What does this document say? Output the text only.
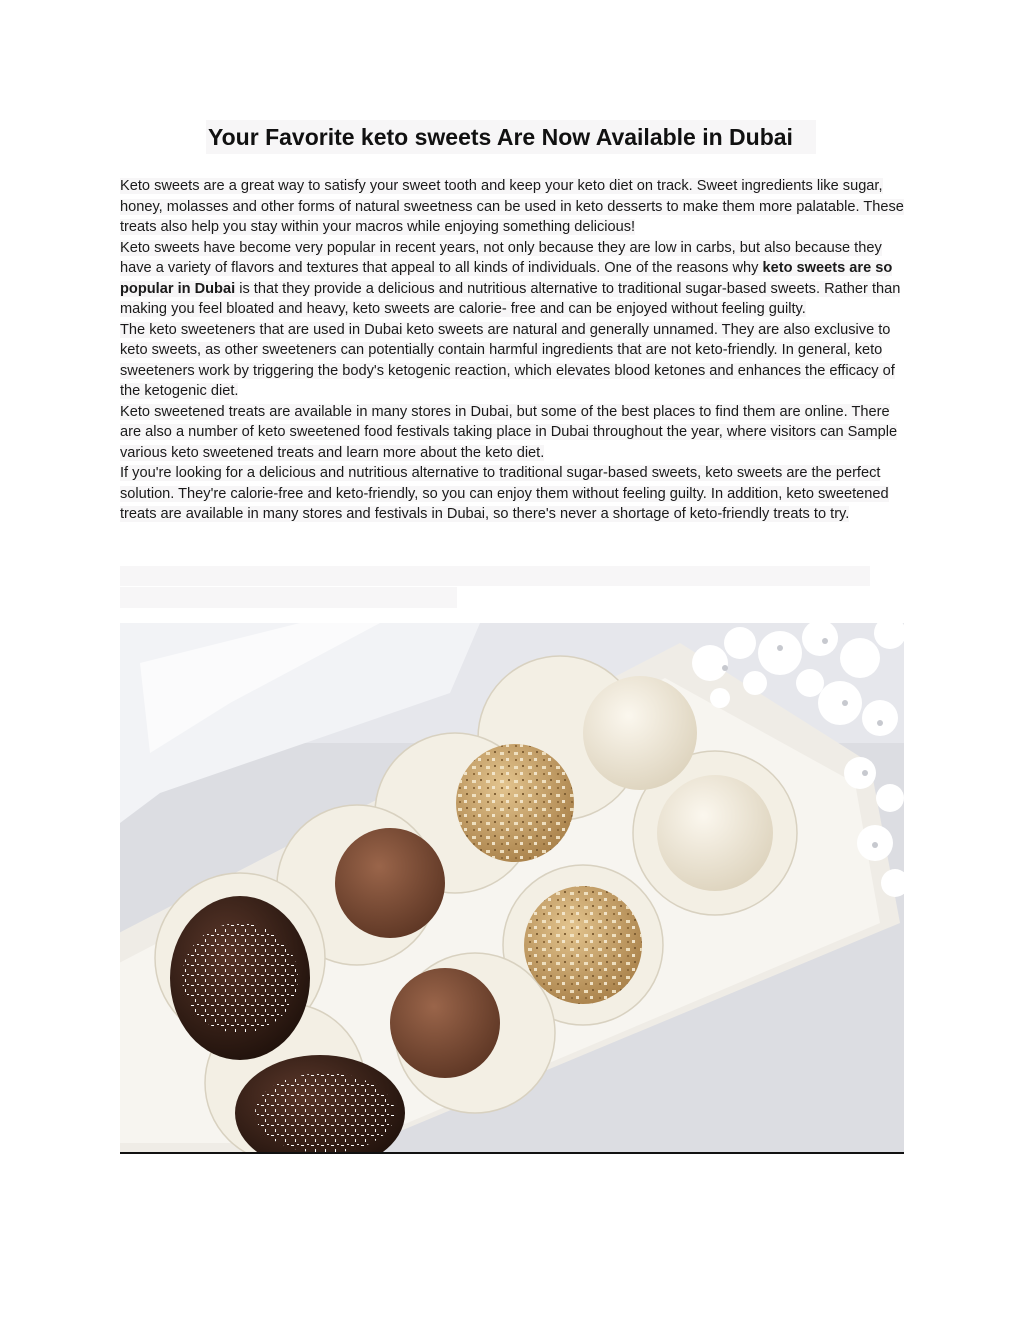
Your Favorite keto sweets Are Now Available in Dubai

Keto sweets are a great way to satisfy your sweet tooth and keep your keto diet on track. Sweet ingredients like sugar, honey, molasses and other forms of natural sweetness can be used in keto desserts to make them more palatable. These treats also help you stay within your macros while enjoying something delicious!

Keto sweets have become very popular in recent years, not only because they are low in carbs, but also because they have a variety of flavors and textures that appeal to all kinds of individuals. One of the reasons why keto sweets are so popular in Dubai is that they provide a delicious and nutritious alternative to traditional sugar-based sweets. Rather than making you feel bloated and heavy, keto sweets are calorie- free and can be enjoyed without feeling guilty.

The keto sweeteners that are used in Dubai keto sweets are natural and generally unnamed. They are also exclusive to keto sweets, as other sweeteners can potentially contain harmful ingredients that are not keto-friendly. In general, keto sweeteners work by triggering the body's ketogenic reaction, which elevates blood ketones and enhances the efficacy of the ketogenic diet.

Keto sweetened treats are available in many stores in Dubai, but some of the best places to find them are online. There are also a number of keto sweetened food festivals taking place in Dubai throughout the year, where visitors can Sample various keto sweetened treats and learn more about the keto diet.

If you're looking for a delicious and nutritious alternative to traditional sugar-based sweets, keto sweets are the perfect solution. They're calorie-free and keto-friendly, so you can enjoy them without feeling guilty. In addition, keto sweetened treats are available in many stores and festivals in Dubai, so there's never a shortage of keto-friendly treats to try.
